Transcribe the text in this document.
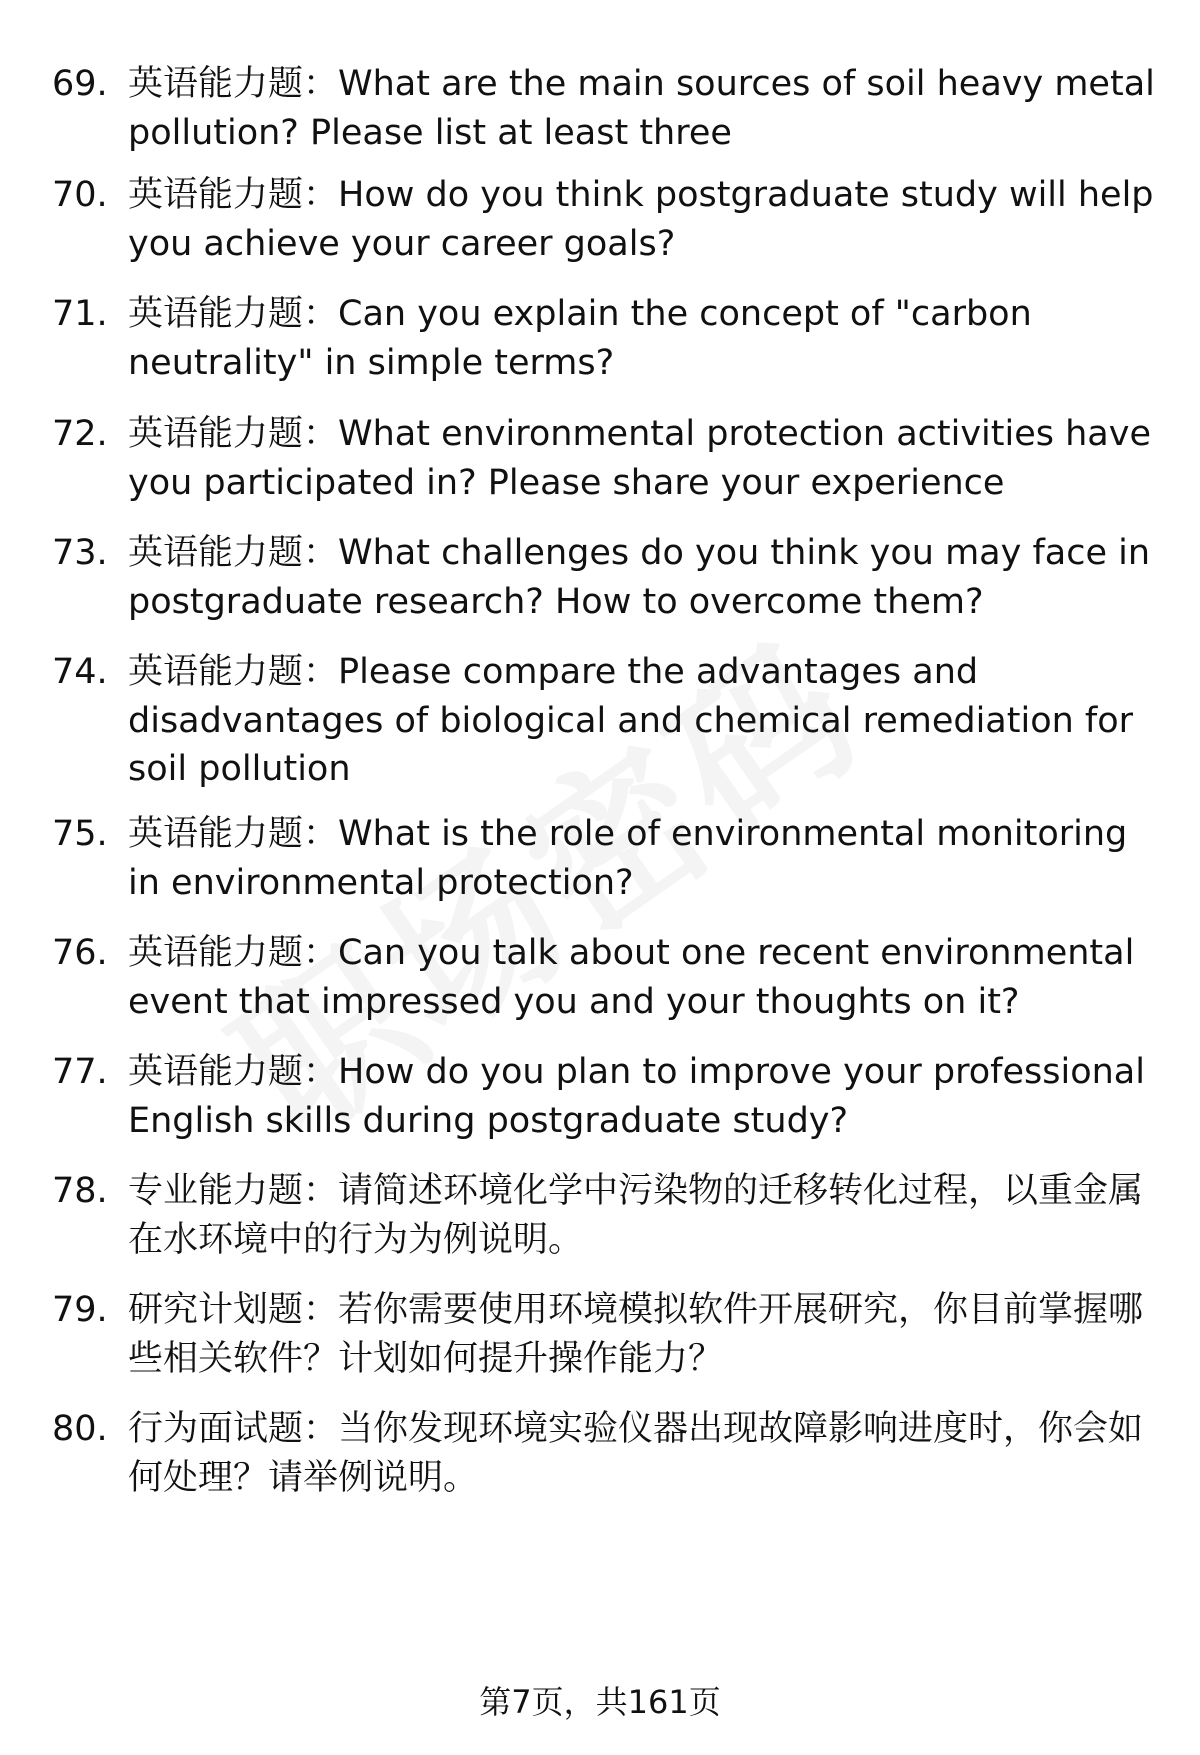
69. 英语能力题：What are the main sources of soil heavy metal pollution? Please list at least three
70. 英语能力题：How do you think postgraduate study will help you achieve your career goals?
71. 英语能力题：Can you explain the concept of "carbon neutrality" in simple terms?
72. 英语能力题：What environmental protection activities have you participated in? Please share your experience
73. 英语能力题：What challenges do you think you may face in postgraduate research? How to overcome them?
74. 英语能力题：Please compare the advantages and disadvantages of biological and chemical remediation for soil pollution
75. 英语能力题：What is the role of environmental monitoring in environmental protection?
76. 英语能力题：Can you talk about one recent environmental event that impressed you and your thoughts on it?
77. 英语能力题：How do you plan to improve your professional English skills during postgraduate study?
78. 专业能力题：请简述环境化学中污染物的迁移转化过程，以重金属在水环境中的行为为例说明。
79. 研究计划题：若你需要使用环境模拟软件开展研究，你目前掌握哪些相关软件？计划如何提升操作能力？
80. 行为面试题：当你发现环境实验仪器出现故障影响进度时，你会如何处理？请举例说明。
第7页，共161页
